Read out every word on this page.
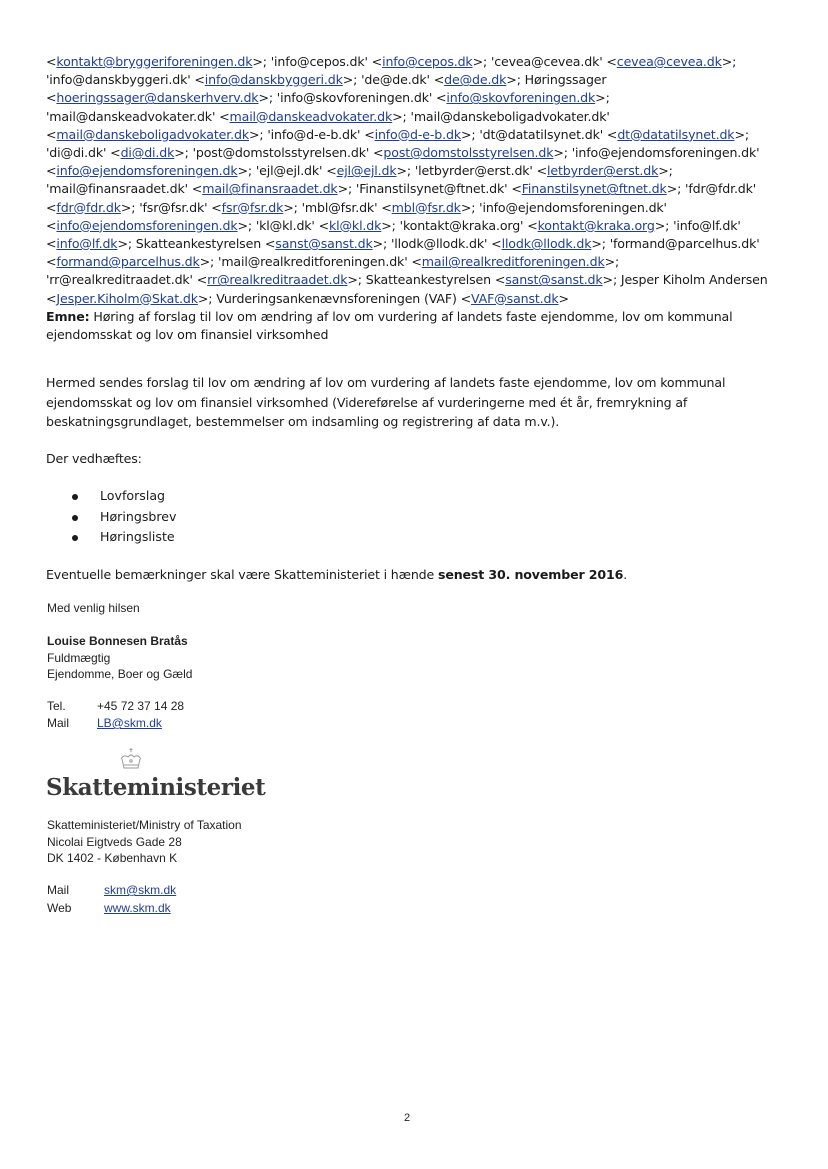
<kontakt@bryggeriforeningen.dk>; 'info@cepos.dk' <info@cepos.dk>; 'cevea@cevea.dk' <cevea@cevea.dk>;
'info@danskbyggeri.dk' <info@danskbyggeri.dk>; 'de@de.dk' <de@de.dk>; Høringssager
<hoeringssager@danskerhverv.dk>; 'info@skovforeningen.dk' <info@skovforeningen.dk>;
'mail@danskeadvokater.dk' <mail@danskeadvokater.dk>; 'mail@danskeboligadvokater.dk'
<mail@danskeboligadvokater.dk>; 'info@d-e-b.dk' <info@d-e-b.dk>; 'dt@datatilsynet.dk' <dt@datatilsynet.dk>;
'di@di.dk' <di@di.dk>; 'post@domstolsstyrelsen.dk' <post@domstolsstyrelsen.dk>; 'info@ejendomsforeningen.dk'
<info@ejendomsforeningen.dk>; 'ejl@ejl.dk' <ejl@ejl.dk>; 'letbyrder@erst.dk' <letbyrder@erst.dk>;
'mail@finansraadet.dk' <mail@finansraadet.dk>; 'Finanstilsynet@ftnet.dk' <Finanstilsynet@ftnet.dk>; 'fdr@fdr.dk'
<fdr@fdr.dk>; 'fsr@fsr.dk' <fsr@fsr.dk>; 'mbl@fsr.dk' <mbl@fsr.dk>; 'info@ejendomsforeningen.dk'
<info@ejendomsforeningen.dk>; 'kl@kl.dk' <kl@kl.dk>; 'kontakt@kraka.org' <kontakt@kraka.org>; 'info@lf.dk'
<info@lf.dk>; Skatteankestyrelsen <sanst@sanst.dk>; 'llodk@llodk.dk' <llodk@llodk.dk>; 'formand@parcelhus.dk'
<formand@parcelhus.dk>; 'mail@realkreditforeningen.dk' <mail@realkreditforeningen.dk>;
'rr@realkreditraadet.dk' <rr@realkreditraadet.dk>; Skatteankestyrelsen <sanst@sanst.dk>; Jesper Kiholm Andersen
<Jesper.Kiholm@Skat.dk>; Vurderingsankenævnsforeningen (VAF) <VAF@sanst.dk>
Emne: Høring af forslag til lov om ændring af lov om vurdering af landets faste ejendomme, lov om kommunal
ejendomsskat og lov om finansiel virksomhed
Hermed sendes forslag til lov om ændring af lov om vurdering af landets faste ejendomme, lov om kommunal
ejendomsskat og lov om finansiel virksomhed (Videreførelse af vurderingerne med ét år, fremrykning af
beskatningsgrundlaget, bestemmelser om indsamling og registrering af data m.v.).
Der vedhæftes:
Lovforslag
Høringsbrev
Høringsliste
Eventuelle bemærkninger skal være Skatteministeriet i hænde senest 30. november 2016.
Med venlig hilsen
Louise Bonnesen Bratås
Fuldmægtig
Ejendomme, Boer og Gæld
Tel.	+45 72 37 14 28
Mail LB@skm.dk
Skatteministeriet
Skatteministeriet/Ministry of Taxation
Nicolai Eigtveds Gade 28
DK 1402 - København K
Mail	skm@skm.dk
Web	www.skm.dk
2
